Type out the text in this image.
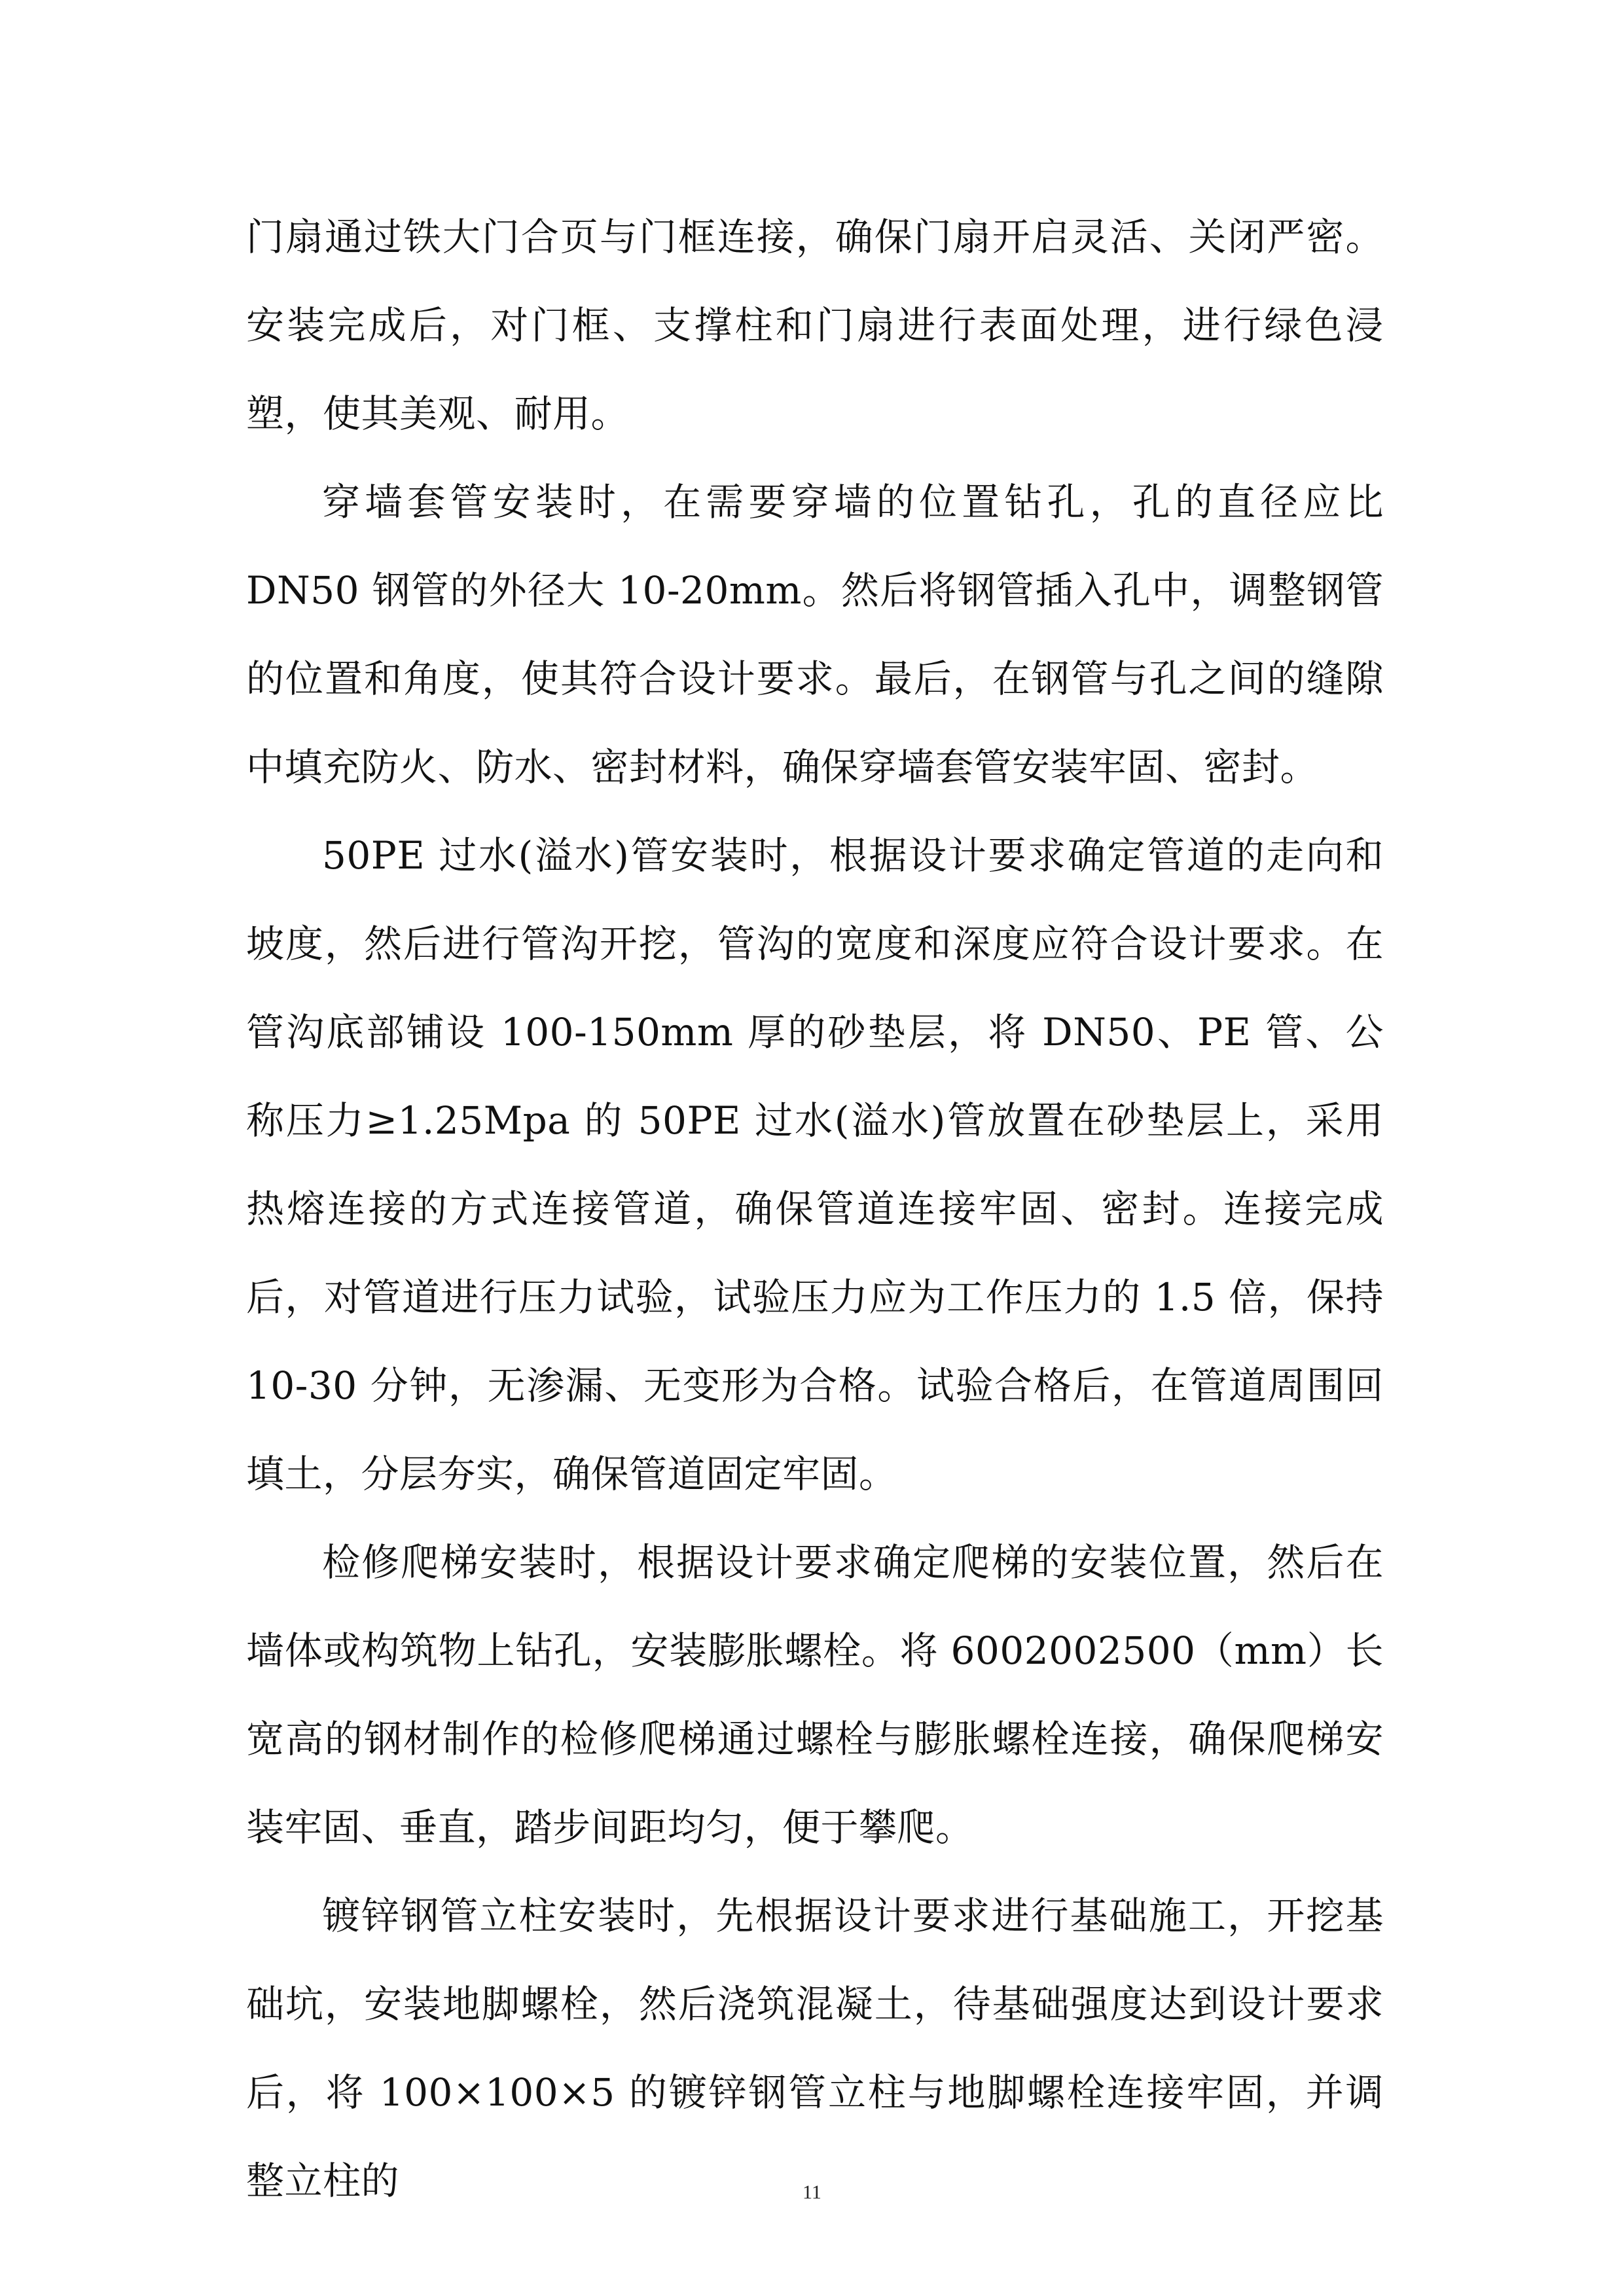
门扇通过铁大门合页与门框连接，确保门扇开启灵活、关闭严密。安装完成后，对门框、支撑柱和门扇进行表面处理，进行绿色浸塑，使其美观、耐用。

穿墙套管安装时，在需要穿墙的位置钻孔，孔的直径应比 DN50 钢管的外径大 10-20mm。然后将钢管插入孔中，调整钢管的位置和角度，使其符合设计要求。最后，在钢管与孔之间的缝隙中填充防火、防水、密封材料，确保穿墙套管安装牢固、密封。

50PE 过水(溢水)管安装时，根据设计要求确定管道的走向和坡度，然后进行管沟开挖，管沟的宽度和深度应符合设计要求。在管沟底部铺设 100-150mm 厚的砂垫层，将 DN50、PE 管、公称压力≥1.25Mpa 的 50PE 过水(溢水)管放置在砂垫层上，采用热熔连接的方式连接管道，确保管道连接牢固、密封。连接完成后，对管道进行压力试验，试验压力应为工作压力的 1.5 倍，保持 10-30 分钟，无渗漏、无变形为合格。试验合格后，在管道周围回填土，分层夯实，确保管道固定牢固。

检修爬梯安装时，根据设计要求确定爬梯的安装位置，然后在墙体或构筑物上钻孔，安装膨胀螺栓。将 6002002500（mm）长宽高的钢材制作的检修爬梯通过螺栓与膨胀螺栓连接，确保爬梯安装牢固、垂直，踏步间距均匀，便于攀爬。

镀锌钢管立柱安装时，先根据设计要求进行基础施工，开挖基础坑，安装地脚螺栓，然后浇筑混凝土，待基础强度达到设计要求后，将 100×100×5 的镀锌钢管立柱与地脚螺栓连接牢固，并调整立柱的	11
